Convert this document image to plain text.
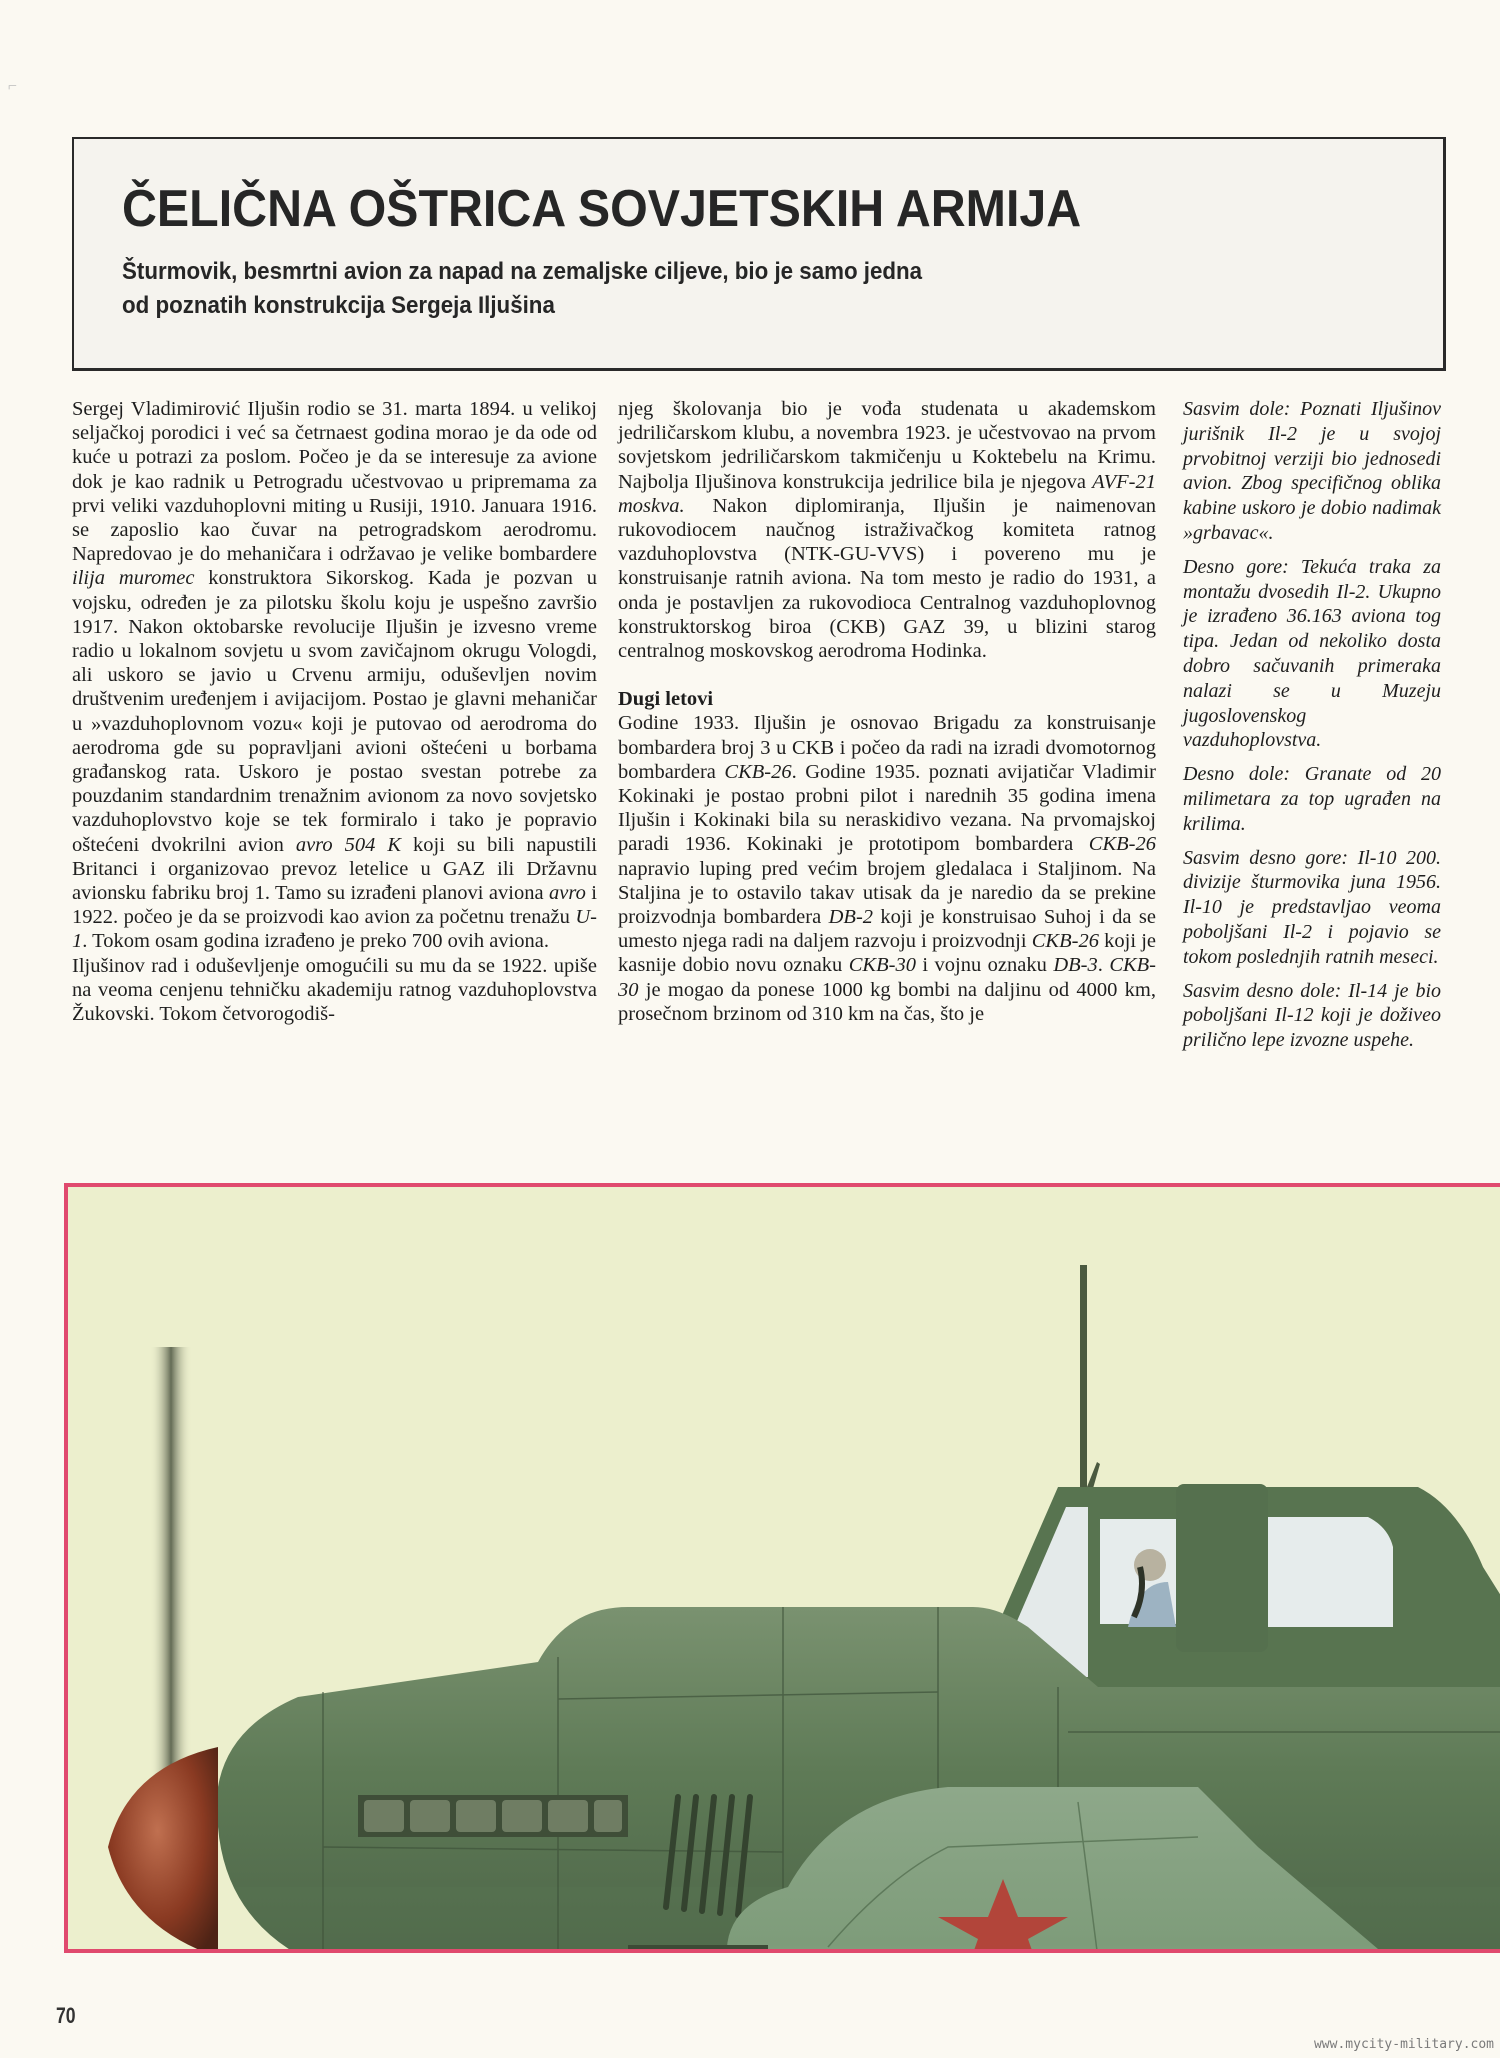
⌐
ČELIČNA OŠTRICA SOVJETSKIH ARMIJA
Šturmovik, besmrtni avion za napad na zemaljske ciljeve, bio je samo jedna
od poznatih konstrukcija Sergeja Iljušina

Sergej Vladimirović Iljušin rodio se 31. marta 1894. u velikoj seljačkoj porodici i već sa četrnaest godina morao je da ode od kuće u potrazi za poslom. Počeo je da se interesuje za avione dok je kao radnik u Petrogradu učestvovao u pripremama za prvi veliki vazduhoplovni miting u Rusiji, 1910. Januara 1916. se zaposlio kao čuvar na petrogradskom aerodromu. Napredovao je do mehaničara i održavao je velike bombardere ilija muromec konstruktora Sikorskog. Kada je pozvan u vojsku, određen je za pilotsku školu koju je uspešno završio 1917. Nakon oktobarske revolucije Iljušin je izvesno vreme radio u lokalnom sovjetu u svom zavičajnom okrugu Vologdi, ali uskoro se javio u Crvenu armiju, oduševljen novim društvenim uređenjem i avijacijom. Postao je glavni mehaničar u »vazduhoplovnom vozu« koji je putovao od aerodroma do aerodroma gde su popravljani avioni oštećeni u borbama građanskog rata. Uskoro je postao svestan potrebe za pouzdanim standardnim trenažnim avionom za novo sovjetsko vazduhoplovstvo koje se tek formiralo i tako je popravio oštećeni dvokrilni avion avro 504 K koji su bili napustili Britanci i organizovao prevoz letelice u GAZ ili Državnu avionsku fabriku broj 1. Tamo su izrađeni planovi aviona avro i 1922. počeo je da se proizvodi kao avion za početnu trenažu U-1. Tokom osam godina izrađeno je preko 700 ovih aviona.

Iljušinov rad i oduševljenje omogućili su mu da se 1922. upiše na veoma cenjenu tehničku akademiju ratnog vazduhoplovstva Žukovski. Tokom četvorogodiš-

njeg školovanja bio je vođa studenata u akademskom jedriličarskom klubu, a novembra 1923. je učestvovao na prvom sovjetskom jedriličarskom takmičenju u Koktebelu na Krimu. Najbolja Iljušinova konstrukcija jedrilice bila je njegova AVF-21 moskva. Nakon diplomiranja, Iljušin je naimenovan rukovodiocem naučnog istraživačkog komiteta ratnog vazduhoplovstva (NTK-GU-VVS) i povereno mu je konstruisanje ratnih aviona. Na tom mesto je radio do 1931, a onda je postavljen za rukovodioca Centralnog vazduhoplovnog konstruktorskog biroa (CKB) GAZ 39, u blizini starog centralnog moskovskog aerodroma Hodinka.

Dugi letovi

Godine 1933. Iljušin je osnovao Brigadu za konstruisanje bombardera broj 3 u CKB i počeo da radi na izradi dvomotornog bombardera CKB-26. Godine 1935. poznati avijatičar Vladimir Kokinaki je postao probni pilot i narednih 35 godina imena Iljušin i Kokinaki bila su neraskidivo vezana. Na prvomajskoj paradi 1936. Kokinaki je prototipom bombardera CKB-26 napravio luping pred većim brojem gledalaca i Staljinom. Na Staljina je to ostavilo takav utisak da je naredio da se prekine proizvodnja bombardera DB-2 koji je konstruisao Suhoj i da se umesto njega radi na daljem razvoju i proizvodnji CKB-26 koji je kasnije dobio novu oznaku CKB-30 i vojnu oznaku DB-3. CKB-30 je mogao da ponese 1000 kg bombi na daljinu od 4000 km, prosečnom brzinom od 310 km na čas, što je

Sasvim dole: Poznati Iljušinov jurišnik Il-2 je u svojoj prvobitnoj verziji bio jednosedi avion. Zbog specifičnog oblika kabine uskoro je dobio nadimak »grbavac«.

Desno gore: Tekuća traka za montažu dvosedih Il-2. Ukupno je izrađeno 36.163 aviona tog tipa. Jedan od nekoliko dosta dobro sačuvanih primeraka nalazi se u Muzeju jugoslovenskog vazduhoplovstva.

Desno dole: Granate od 20 milimetara za top ugrađen na krilima.

Sasvim desno gore: Il-10 200. divizije šturmovika juna 1956. Il-10 je predstavljao veoma poboljšani Il-2 i pojavio se tokom poslednjih ratnih meseci.

Sasvim desno dole: Il-14 je bio poboljšani Il-12 koji je doživeo prilično lepe izvozne uspehe.

70
www.mycity-military.com
